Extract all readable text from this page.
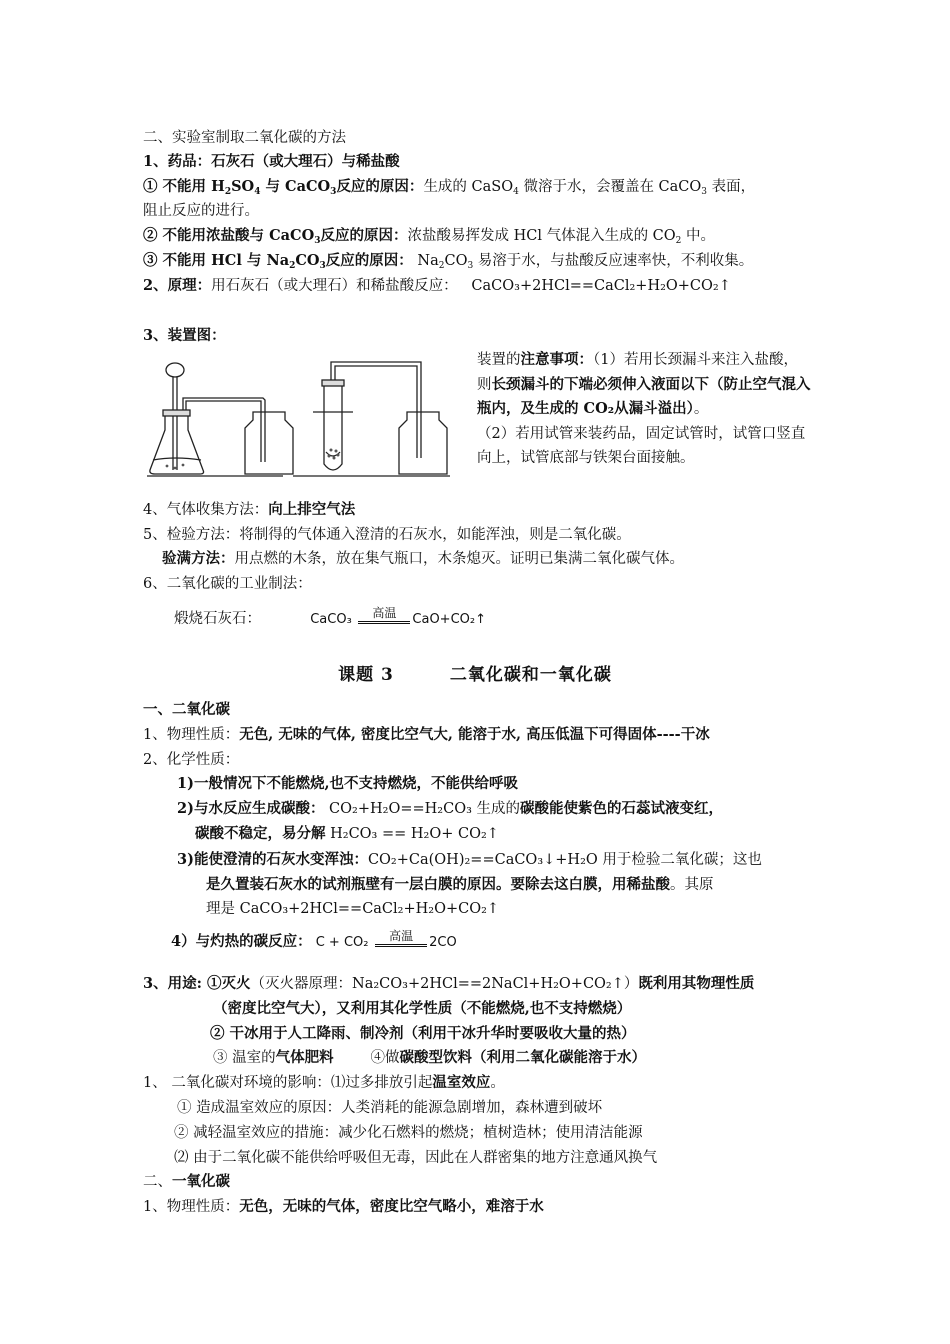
二、实验室制取二氧化碳的方法
1、药品：石灰石（或大理石）与稀盐酸
① 不能用 $H_2SO_4$ 与 CaCO$_3$反应的原因：生成的 CaSO$_4$ 微溶于水，会覆盖在 CaCO$_3$ 表面，
阻止反应的进行。
② 不能用浓盐酸与 CaCO$_3$反应的原因：浓盐酸易挥发成 HCl 气体混入生成的 $CO_2$ 中。
③ 不能用 HCl 与 $Na_2CO_3$反应的原因： $Na_2CO_3$ 易溶于水，与盐酸反应速率快，不利收集。
2、原理：用石灰石（或大理石）和稀盐酸反应： CaCO₃+2HCl==CaCl₂+H₂O+CO₂↑
3、装置图：
装置的注意事项：（1）若用长颈漏斗来注入盐酸，则长颈漏斗的下端必须伸入液面以下（防止空气混入瓶内，及生成的 CO₂从漏斗溢出）。
（2）若用试管来装药品，固定试管时，试管口竖直向上，试管底部与铁架台面接触。
4、气体收集方法：向上排空气法
5、检验方法：将制得的气体通入澄清的石灰水，如能浑浊，则是二氧化碳。
验满方法：用点燃的木条，放在集气瓶口，木条熄灭。证明已集满二氧化碳气体。
6、二氧化碳的工业制法：
煅烧石灰石：	CaCO₃ 高温 CaO+CO₂↑
课题 3	二氧化碳和一氧化碳
一、二氧化碳
1、物理性质：无色, 无味的气体, 密度比空气大, 能溶于水, 高压低温下可得固体----干冰
2、化学性质：
1)一般情况下不能燃烧,也不支持燃烧，不能供给呼吸
2)与水反应生成碳酸： CO₂+H₂O==H₂CO₃ 生成的碳酸能使紫色的石蕊试液变红，
碳酸不稳定，易分解 H₂CO₃ == H₂O+ CO₂↑
3)能使澄清的石灰水变浑浊：CO₂+Ca(OH)₂==CaCO₃↓+H₂O 用于检验二氧化碳；这也
是久置装石灰水的试剂瓶壁有一层白膜的原因。要除去这白膜，用稀盐酸。其原
理是 CaCO₃+2HCl==CaCl₂+H₂O+CO₂↑
4）与灼热的碳反应： C + CO₂ 高温 2CO
3、用途: ①灭火（灭火器原理：Na₂CO₃+2HCl==2NaCl+H₂O+CO₂↑）既利用其物理性质
（密度比空气大），又利用其化学性质（不能燃烧,也不支持燃烧）
② 干冰用于人工降雨、制冷剂（利用干冰升华时要吸收大量的热）
③ 温室的气体肥料        ④做碳酸型饮料（利用二氧化碳能溶于水）
1、 二氧化碳对环境的影响：⑴过多排放引起温室效应。
① 造成温室效应的原因：人类消耗的能源急剧增加，森林遭到破坏
② 减轻温室效应的措施：减少化石燃料的燃烧；植树造林；使用清洁能源
⑵ 由于二氧化碳不能供给呼吸但无毒，因此在人群密集的地方注意通风换气
二、一氧化碳
1、物理性质：无色，无味的气体，密度比空气略小，难溶于水
